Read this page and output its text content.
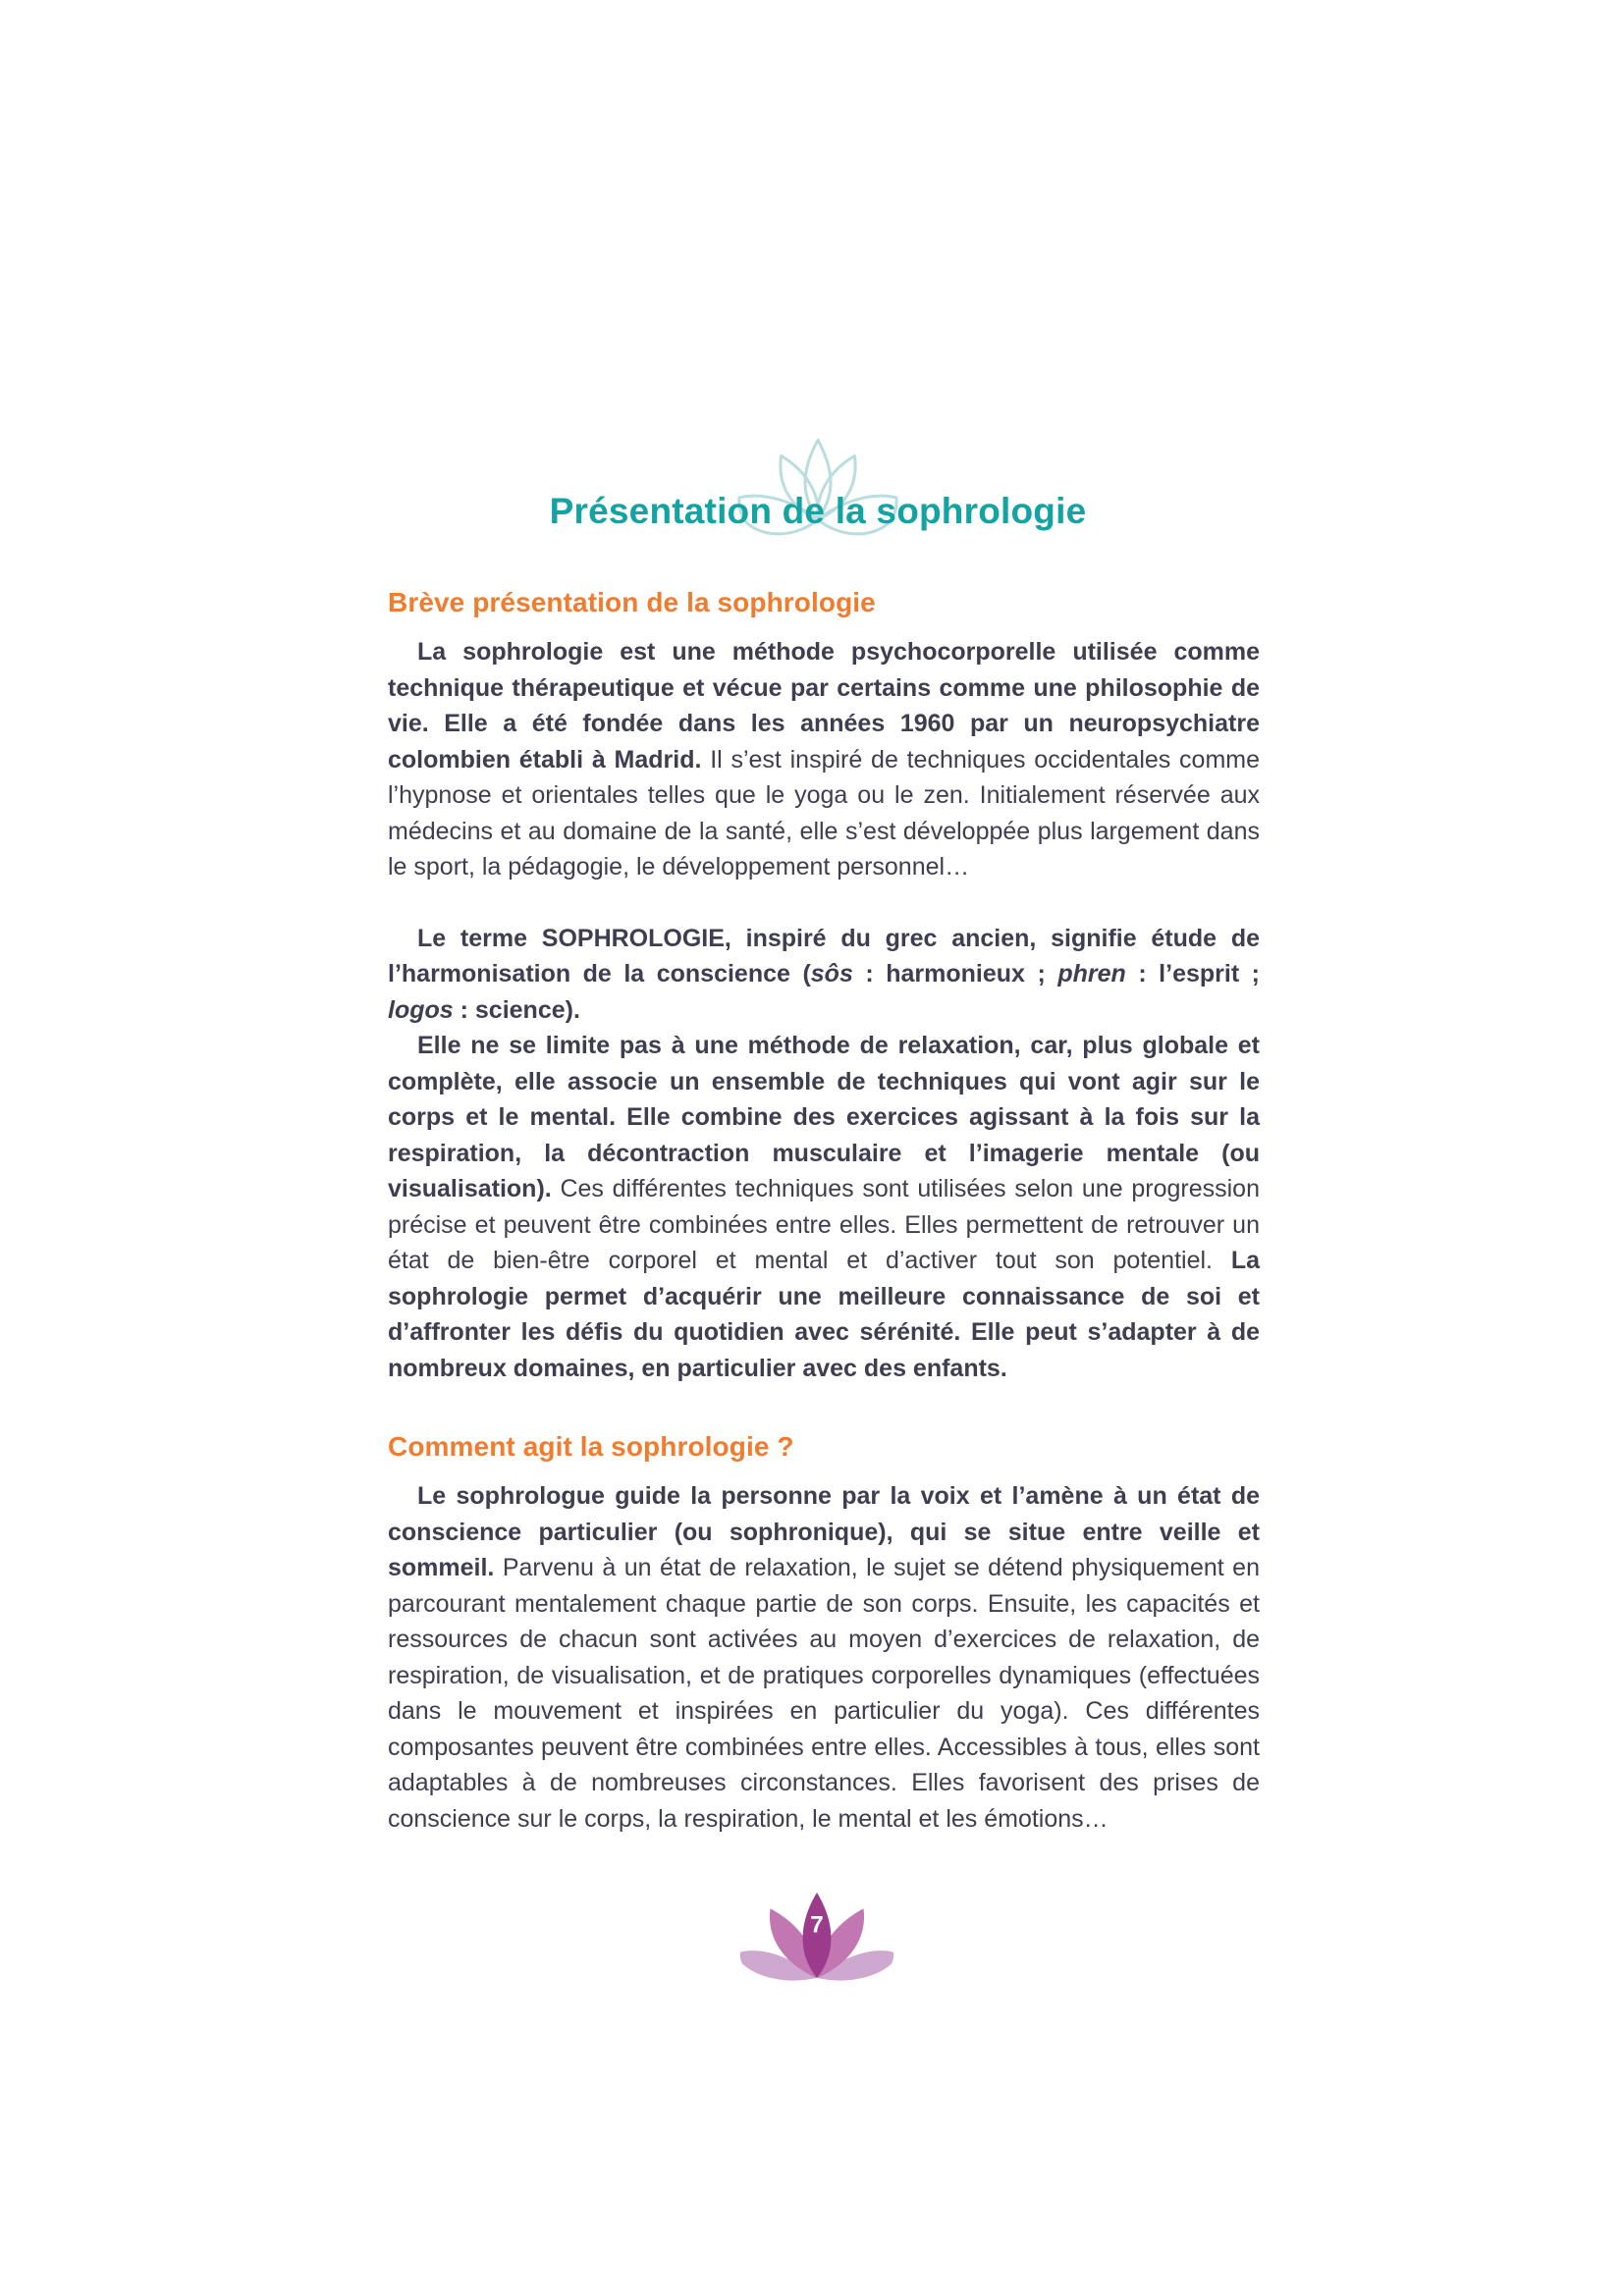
Présentation de la sophrologie
Brève présentation de la sophrologie

La sophrologie est une méthode psychocorporelle utilisée comme technique thérapeutique et vécue par certains comme une philosophie de vie. Elle a été fondée dans les années 1960 par un neuropsychiatre colombien établi à Madrid. Il s’est inspiré de techniques occidentales comme l’hypnose et orientales telles que le yoga ou le zen. Initialement réservée aux médecins et au domaine de la santé, elle s’est développée plus largement dans le sport, la pédagogie, le développement personnel…

Le terme SOPHROLOGIE, inspiré du grec ancien, signifie étude de l’harmonisation de la conscience (sôs : harmonieux ; phren : l’esprit ; logos : science).

Elle ne se limite pas à une méthode de relaxation, car, plus globale et complète, elle associe un ensemble de techniques qui vont agir sur le corps et le mental. Elle combine des exercices agissant à la fois sur la respiration, la décontraction musculaire et l’imagerie mentale (ou visualisation). Ces différentes techniques sont utilisées selon une progression précise et peuvent être combinées entre elles. Elles permettent de retrouver un état de bien-être corporel et mental et d’activer tout son potentiel. La sophrologie permet d’acquérir une meilleure connaissance de soi et d’affronter les défis du quotidien avec sérénité. Elle peut s’adapter à de nombreux domaines, en particulier avec des enfants.

Comment agit la sophrologie ?

Le sophrologue guide la personne par la voix et l’amène à un état de conscience particulier (ou sophronique), qui se situe entre veille et sommeil. Parvenu à un état de relaxation, le sujet se détend physiquement en parcourant mentalement chaque partie de son corps. Ensuite, les capacités et ressources de chacun sont activées au moyen d’exercices de relaxation, de respiration, de visualisation, et de pratiques corporelles dynamiques (effectuées dans le mouvement et inspirées en particulier du yoga). Ces différentes composantes peuvent être combinées entre elles. Accessibles à tous, elles sont adaptables à de nombreuses circonstances. Elles favorisent des prises de conscience sur le corps, la respiration, le mental et les émotions…

7
